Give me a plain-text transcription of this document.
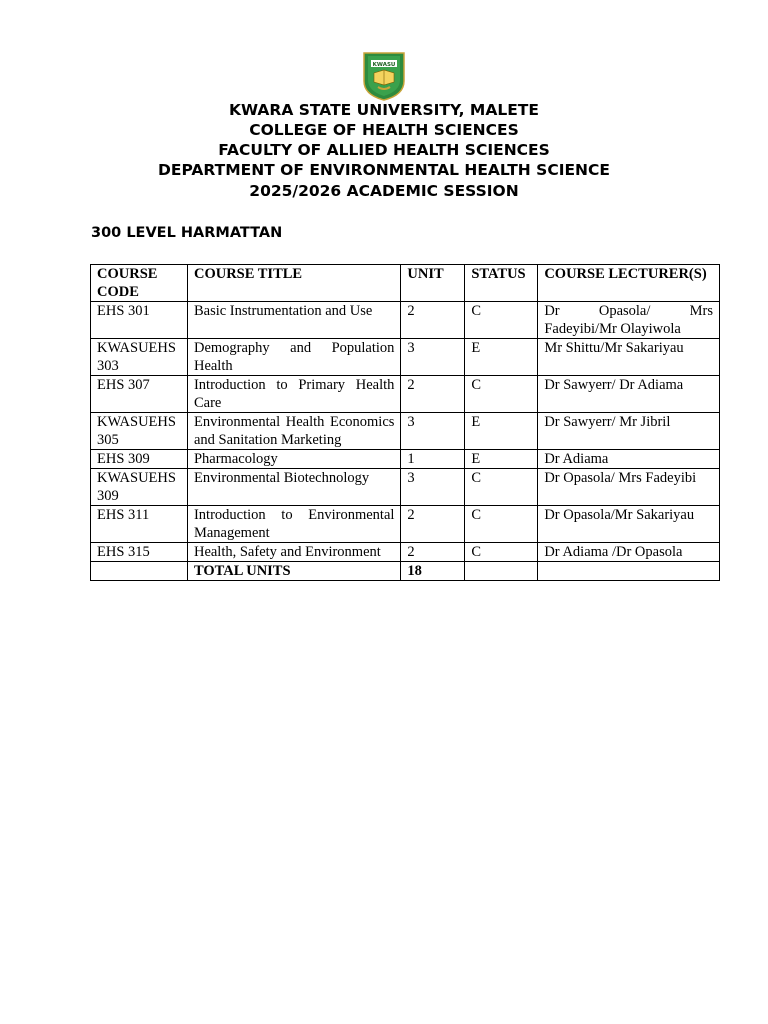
KWASU
KWARA STATE UNIVERSITY, MALETE
COLLEGE OF HEALTH SCIENCES
FACULTY OF ALLIED HEALTH SCIENCES
DEPARTMENT OF ENVIRONMENTAL HEALTH SCIENCE
2025/2026 ACADEMIC SESSION
300 LEVEL HARMATTAN
COURSE CODE	COURSE TITLE	UNIT	STATUS	COURSE LECTURER(S)
EHS 301	Basic Instrumentation and Use	2	C	Dr Opasola/ Mrs Fadeyibi/Mr Olayiwola
KWASUEHS 303	Demography and Population Health	3	E	Mr Shittu/Mr Sakariyau
EHS 307	Introduction to Primary Health Care	2	C	Dr Sawyerr/ Dr Adiama
KWASUEHS 305	Environmental Health Economics and Sanitation Marketing	3	E	Dr Sawyerr/ Mr Jibril
EHS 309	Pharmacology	1	E	Dr Adiama
KWASUEHS 309	Environmental Biotechnology	3	C	Dr Opasola/ Mrs Fadeyibi
EHS 311	Introduction to Environmental Management	2	C	Dr Opasola/Mr Sakariyau
EHS 315	Health, Safety and Environment	2	C	Dr Adiama /Dr Opasola
	TOTAL UNITS	18		
